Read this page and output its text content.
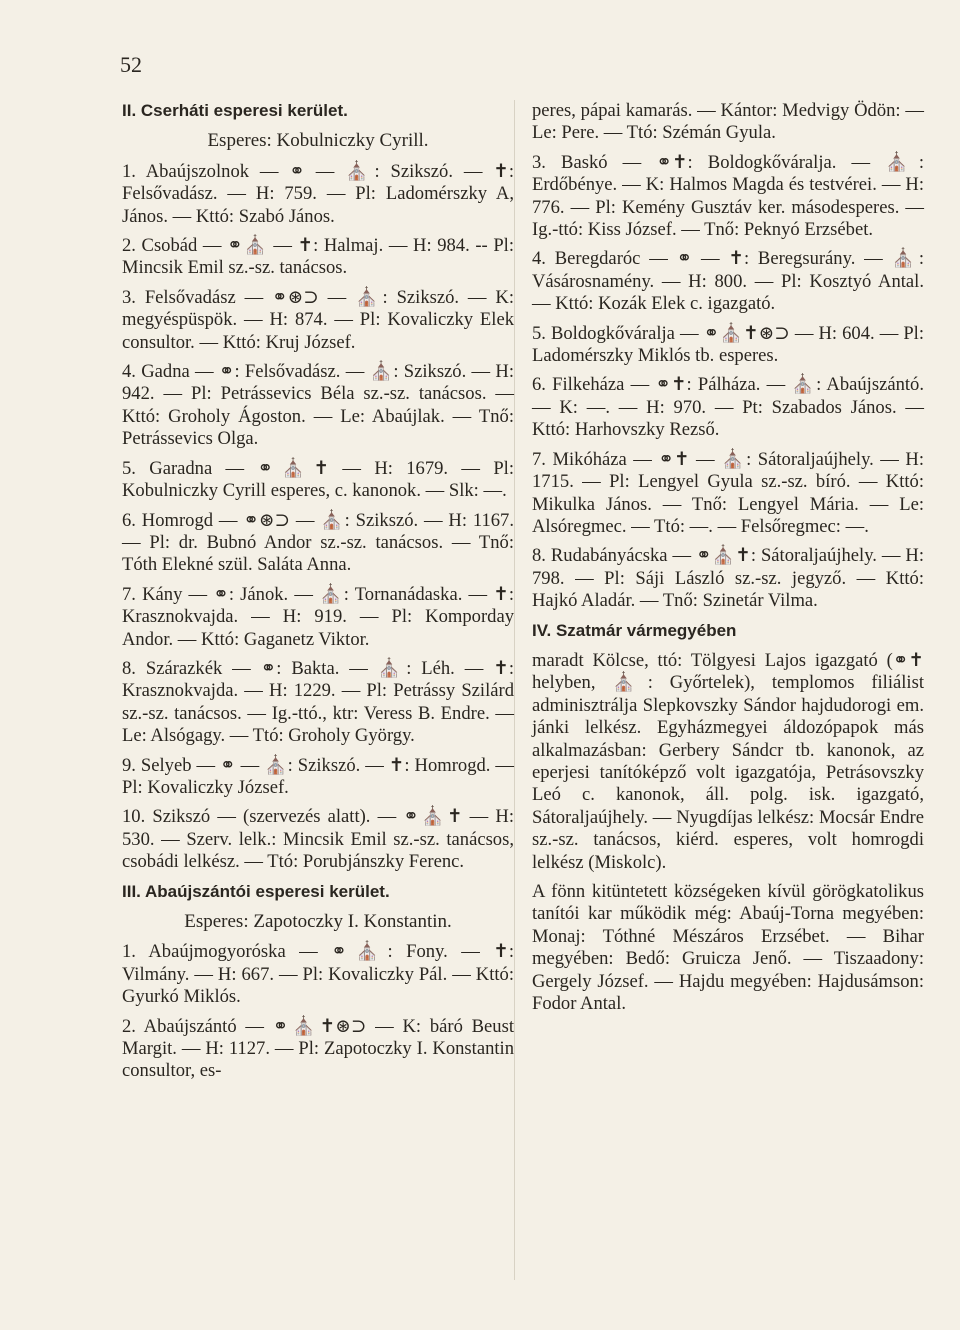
52

II. Cserháti esperesi kerület.

Esperes: Kobulniczky Cyrill.

1. Abaújszolnok — ⚭ — ⛪: Szikszó. — ✝: Felsővadász. — H: 759. — Pl: Ladomérszky A, János. — Kttó: Szabó János.

2. Csobád — ⚭⛪ — ✝: Halmaj. — H: 984. -- Pl: Mincsik Emil sz.-sz. tanácsos.

3. Felsővadász — ⚭⊛⊃ — ⛪: Szikszó. — K: megyéspüspök. — H: 874. — Pl: Kovaliczky Elek consultor. — Kttó: Kruj József.

4. Gadna — ⚭: Felsővadász. — ⛪: Szikszó. — H: 942. — Pl: Petrássevics Béla sz.-sz. tanácsos. — Kttó: Groholy Ágoston. — Le: Abaújlak. — Tnő: Petrássevics Olga.

5. Garadna — ⚭⛪✝ — H: 1679. — Pl: Kobulniczky Cyrill esperes, c. kanonok. — Slk: —.

6. Homrogd — ⚭⊛⊃ — ⛪: Szikszó. — H: 1167. — Pl: dr. Bubnó Andor sz.-sz. tanácsos. — Tnő: Tóth Elekné szül. Saláta Anna.

7. Kány — ⚭: Jánok. — ⛪: Tornanádaska. — ✝: Krasznokvajda. — H: 919. — Pl: Komporday Andor. — Kttó: Gaganetz Viktor.

8. Szárazkék — ⚭: Bakta. — ⛪: Léh. — ✝: Krasznokvajda. — H: 1229. — Pl: Petrássy Szilárd sz.-sz. tanácsos. — Ig.-ttó., ktr: Veress B. Endre. — Le: Alsógagy. — Ttó: Groholy György.

9. Selyeb — ⚭ — ⛪: Szikszó. — ✝: Homrogd. — Pl: Kovaliczky József.

10. Szikszó — (szervezés alatt). — ⚭⛪✝ — H: 530. — Szerv. lelk.: Mincsik Emil sz.-sz. tanácsos, csobádi lelkész. — Ttó: Porubjánszky Ferenc.

III. Abaújszántói esperesi kerület.

Esperes: Zapotoczky I. Konstantin.

1. Abaújmogyoróska — ⚭⛪: Fony. — ✝: Vilmány. — H: 667. — Pl: Kovaliczky Pál. — Kttó: Gyurkó Miklós.

2. Abaújszántó — ⚭⛪✝⊛⊃ — K: báró Beust Margit. — H: 1127. — Pl: Zapotoczky I. Konstantin consultor, es-

peres, pápai kamarás. — Kántor: Medvigy Ödön: — Le: Pere. — Ttó: Szémán Gyula.

3. Baskó — ⚭✝: Boldogkőváralja. — ⛪: Erdőbénye. — K: Halmos Magda és testvérei. — H: 776. — Pl: Kemény Gusztáv ker. másodesperes. — Ig.-ttó: Kiss József. — Tnő: Peknyó Erzsébet.

4. Beregdaróc — ⚭ — ✝: Beregsurány. — ⛪: Vásárosnamény. — H: 800. — Pl: Kosztyó Antal. — Kttó: Kozák Elek c. igazgató.

5. Boldogkőváralja — ⚭⛪✝⊛⊃ — H: 604. — Pl: Ladomérszky Miklós tb. esperes.

6. Filkeháza — ⚭✝: Pálháza. — ⛪: Abaújszántó. — K: —. — H: 970. — Pt: Szabados János. — Kttó: Harhovszky Rezső.

7. Mikóháza — ⚭✝ — ⛪: Sátoraljaújhely. — H: 1715. — Pl: Lengyel Gyula sz.-sz. bíró. — Kttó: Mikulka János. — Tnő: Lengyel Mária. — Le: Alsóregmec. — Ttó: —. — Felsőregmec: —.

8. Rudabányácska — ⚭⛪✝: Sátoraljaújhely. — H: 798. — Pl: Sáji László sz.-sz. jegyző. — Kttó: Hajkó Aladár. — Tnő: Szinetár Vilma.

IV. Szatmár vármegyében

maradt Kölcse, ttó: Tölgyesi Lajos igazgató (⚭✝ helyben, ⛪: Győrtelek), templomos filiálist adminisztrálja Slepkovszky Sándor hajdudorogi em. jánki lelkész. Egyházmegyei áldozópapok más alkalmazásban: Gerbery Sándcr tb. kanonok, az eperjesi tanítóképző volt igazgatója, Petrásovszky Leó c. kanonok, áll. polg. isk. igazgató, Sátoraljaújhely. — Nyugdíjas lelkész: Mocsár Endre sz.-sz. tanácsos, kiérd. esperes, volt homrogdi lelkész (Miskolc).

A fönn kitüntetett községeken kívül görögkatolikus tanítói kar működik még: Abaúj-Torna megyében: Monaj: Tóthné Mészáros Erzsébet. — Bihar megyében: Bedő: Gruicza Jenő. — Tiszaadony: Gergely József. — Hajdu megyében: Hajdusámson: Fodor Antal.
